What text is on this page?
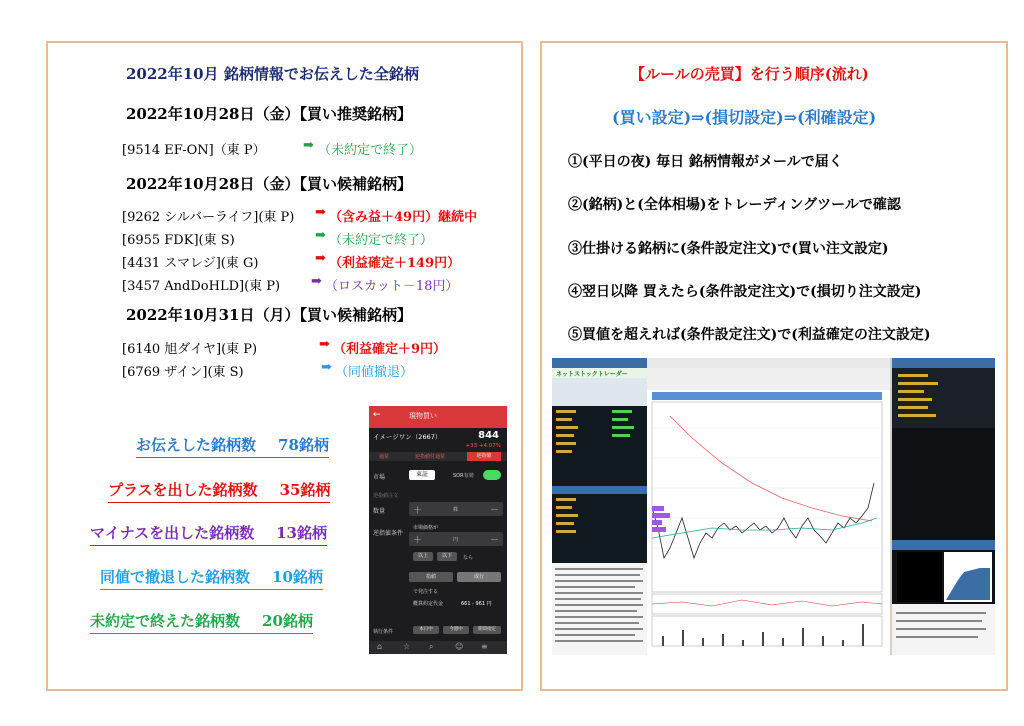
2022年10月 銘柄情報でお伝えした全銘柄
2022年10月28日（金）【買い推奨銘柄】
[9514 EF-ON]（東 P）	➡ （未約定で終了）
2022年10月28日（金）【買い候補銘柄】
[9262 シルバーライフ](東 P) ➡ （含み益＋49円）継続中
[6955 FDK](東 S)	➡ （未約定で終了）
[4431 スマレジ](東 G)	➡ （利益確定＋149円）
[3457 AndDoHLD](東 P) ➡ （ロスカット－18円）
2022年10月31日（月）【買い候補銘柄】
[6140 旭ダイヤ](東 P)	➡ （利益確定＋9円）
[6769 ザイン](東 S)	➡ （同値撤退）
お伝えした銘柄数 78銘柄
プラスを出した銘柄数 35銘柄
マイナスを出した銘柄数 13銘柄
同値で撤退した銘柄数 10銘柄
未約定で終えた銘柄数 20銘柄
←	現物買い
イメージワン（2667）	844
+33 +4.07%
通常	逆指値付通常	逆指値
市場	東証	SOR有効
逆指値注文
数量	＋	株	－
逆指値条件
市場価格が
＋	円	－
以上	以下	なら
指値	成行
で発注する
概算約定代金	661 - 961 円
執行条件	本日中	今週中	期間指定
⌂	☆ ⌕	☺ ≡
【ルールの売買】を行う順序(流れ)
(買い設定)⇒(損切設定)⇒(利確設定)
①(平日の夜) 毎日 銘柄情報がメールで届く
②(銘柄)と(全体相場)をトレーディングツールで確認
③仕掛ける銘柄に(条件設定注文)で(買い注文設定)
④翌日以降 買えたら(条件設定注文)で(損切り注文設定)
⑤買値を超えれば(条件設定注文)で(利益確定の注文設定)
ネットストックトレーダー
